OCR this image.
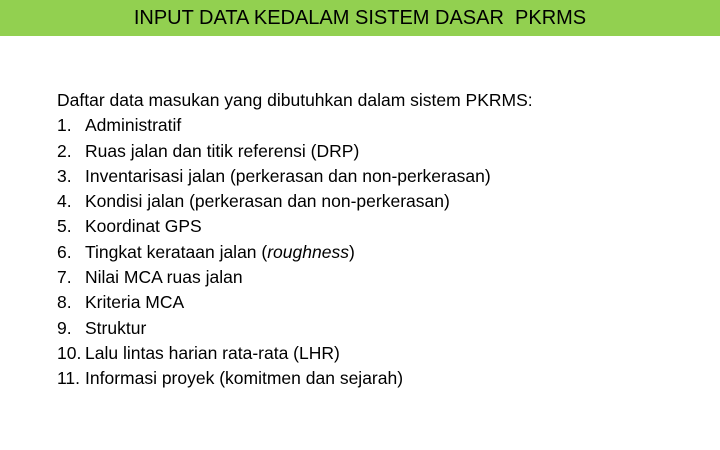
INPUT DATA KEDALAM SISTEM DASAR  PKRMS
Daftar data masukan yang dibutuhkan dalam sistem PKRMS:
1. Administratif
2. Ruas jalan dan titik referensi (DRP)
3. Inventarisasi jalan (perkerasan dan non-perkerasan)
4. Kondisi jalan (perkerasan dan non-perkerasan)
5. Koordinat GPS
6. Tingkat kerataan jalan (roughness)
7. Nilai MCA ruas jalan
8. Kriteria MCA
9. Struktur
10. Lalu lintas harian rata-rata (LHR)
11. Informasi proyek (komitmen dan sejarah)
